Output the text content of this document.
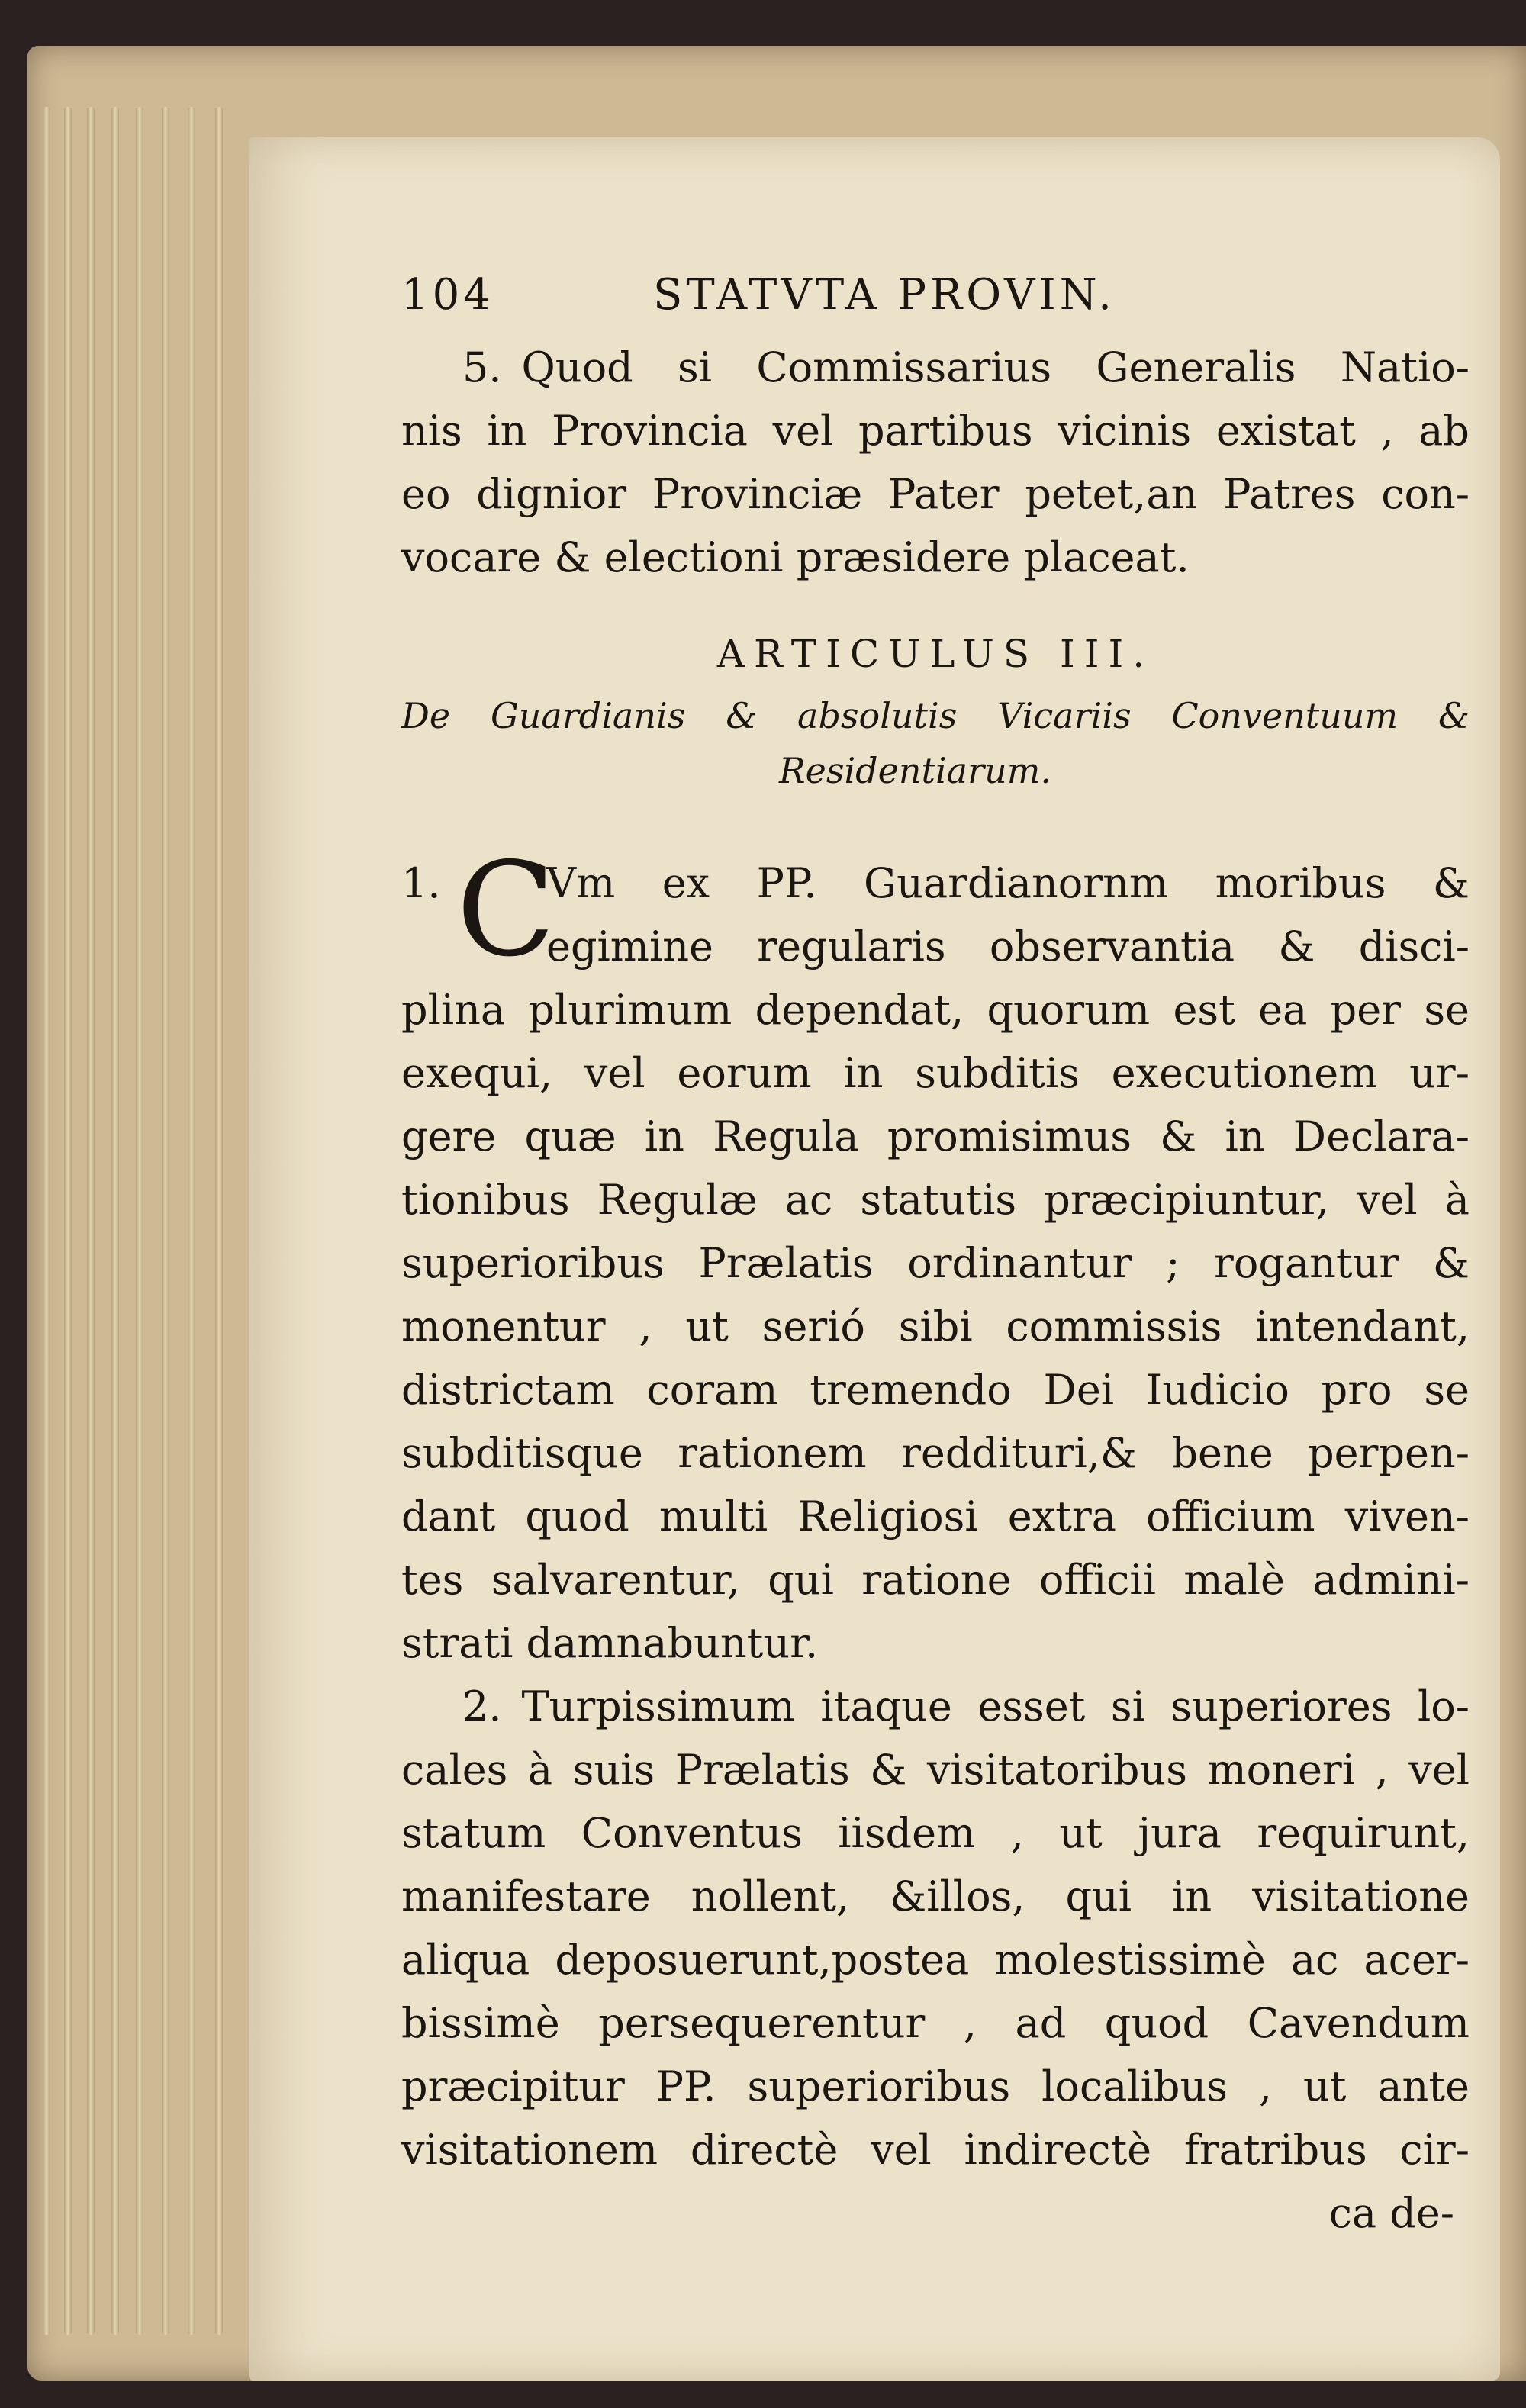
104	STATVTA PROVIN.
5. Quod si Commissarius Generalis Natio-
nis in Provincia vel partibus vicinis existat , ab
eo dignior Provinciæ Pater petet,an Patres con-
vocare & electioni præsidere placeat.
ARTICULUS III.
De Guardianis & absolutis Vicariis Conventuum &
Residentiarum.
1. C
Vm ex PP. Guardianornm moribus &
egimine regularis observantia & disci-
plina plurimum dependat, quorum est ea per se
exequi, vel eorum in subditis executionem ur-
gere quæ in Regula promisimus & in Declara-
tionibus Regulæ ac statutis præcipiuntur, vel à
superioribus Prælatis ordinantur ; rogantur &
monentur , ut serió sibi commissis intendant,
districtam coram tremendo Dei Iudicio pro se
subditisque rationem reddituri,& bene perpen-
dant quod multi Religiosi extra officium viven-
tes salvarentur, qui ratione officii malè admini-
strati damnabuntur.
2. Turpissimum itaque esset si superiores lo-
cales à suis Prælatis & visitatoribus moneri , vel
statum Conventus iisdem , ut jura requirunt,
manifestare nollent, &illos, qui in visitatione
aliqua deposuerunt,postea molestissimè ac acer-
bissimè persequerentur , ad quod Cavendum
præcipitur PP. superioribus localibus , ut ante
visitationem directè vel indirectè fratribus cir-
ca de-
